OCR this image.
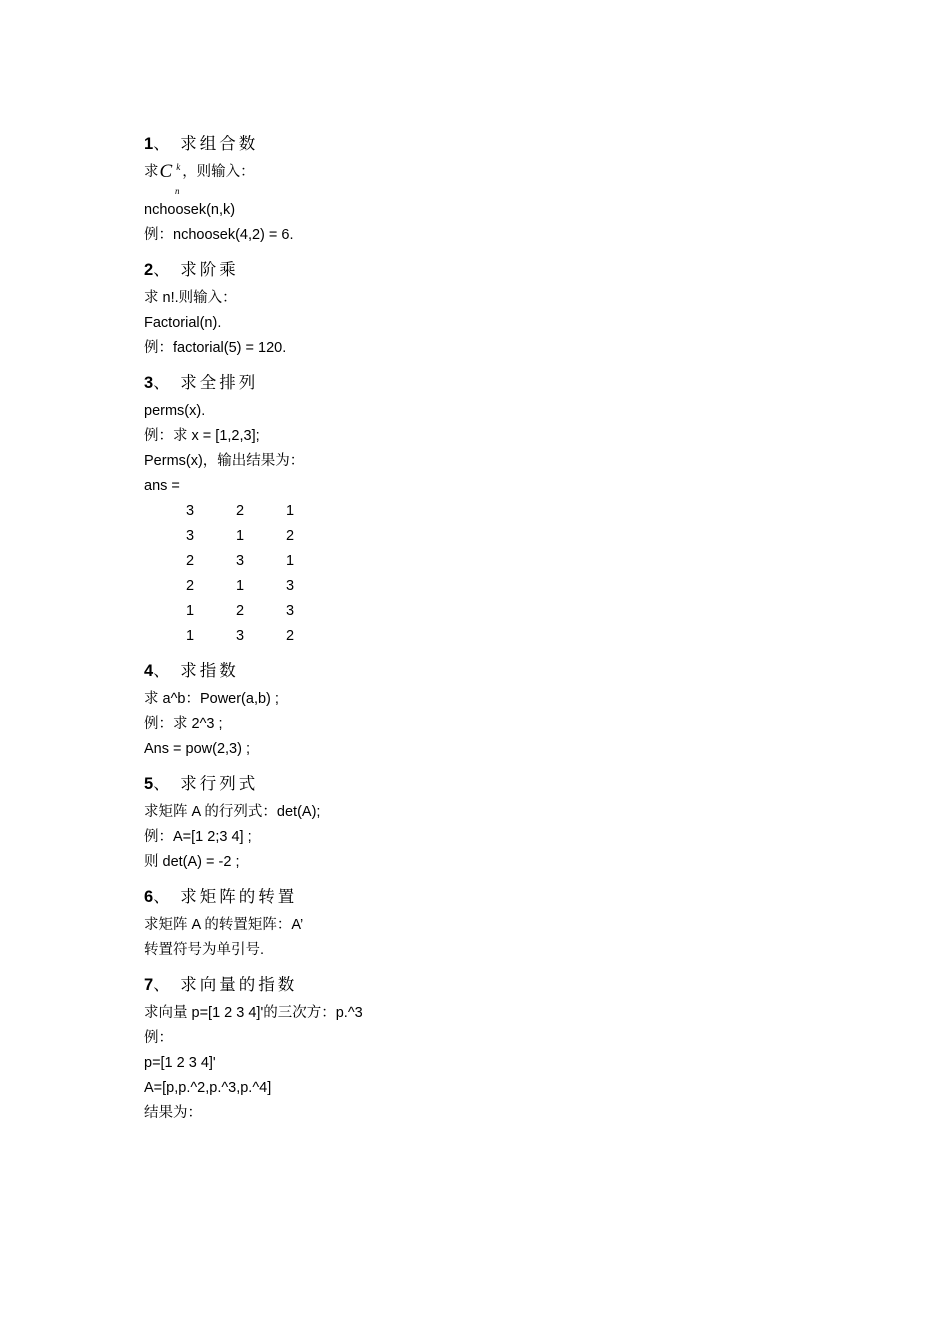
1、 求组合数
求C $^k$
n
，则输入：
nchoosek(n,k)
例：nchoosek(4,2) = 6.
2、 求阶乘
求 n!.则输入：
Factorial(n).
例：factorial(5) = 120.
3、 求全排列
perms(x).
例：求 x = [1,2,3];
Perms(x)，输出结果为：
ans =
3	2	1
3	1	2
2	3	1
2	1	3
1	2	3
1	3	2
4、 求指数
求 a^b：Power(a,b) ;
例：求 2^3 ;
Ans = pow(2,3) ;
5、 求行列式
求矩阵 A 的行列式：det(A);
例：A=[1 2;3 4] ;
则 det(A) = -2 ;
6、 求矩阵的转置
求矩阵 A 的转置矩阵：A’
转置符号为单引号.
7、 求向量的指数
求向量 p=[1 2 3 4]'的三次方：p.^3
例：
p=[1 2 3 4]'
A=[p,p.^2,p.^3,p.^4]
结果为：
